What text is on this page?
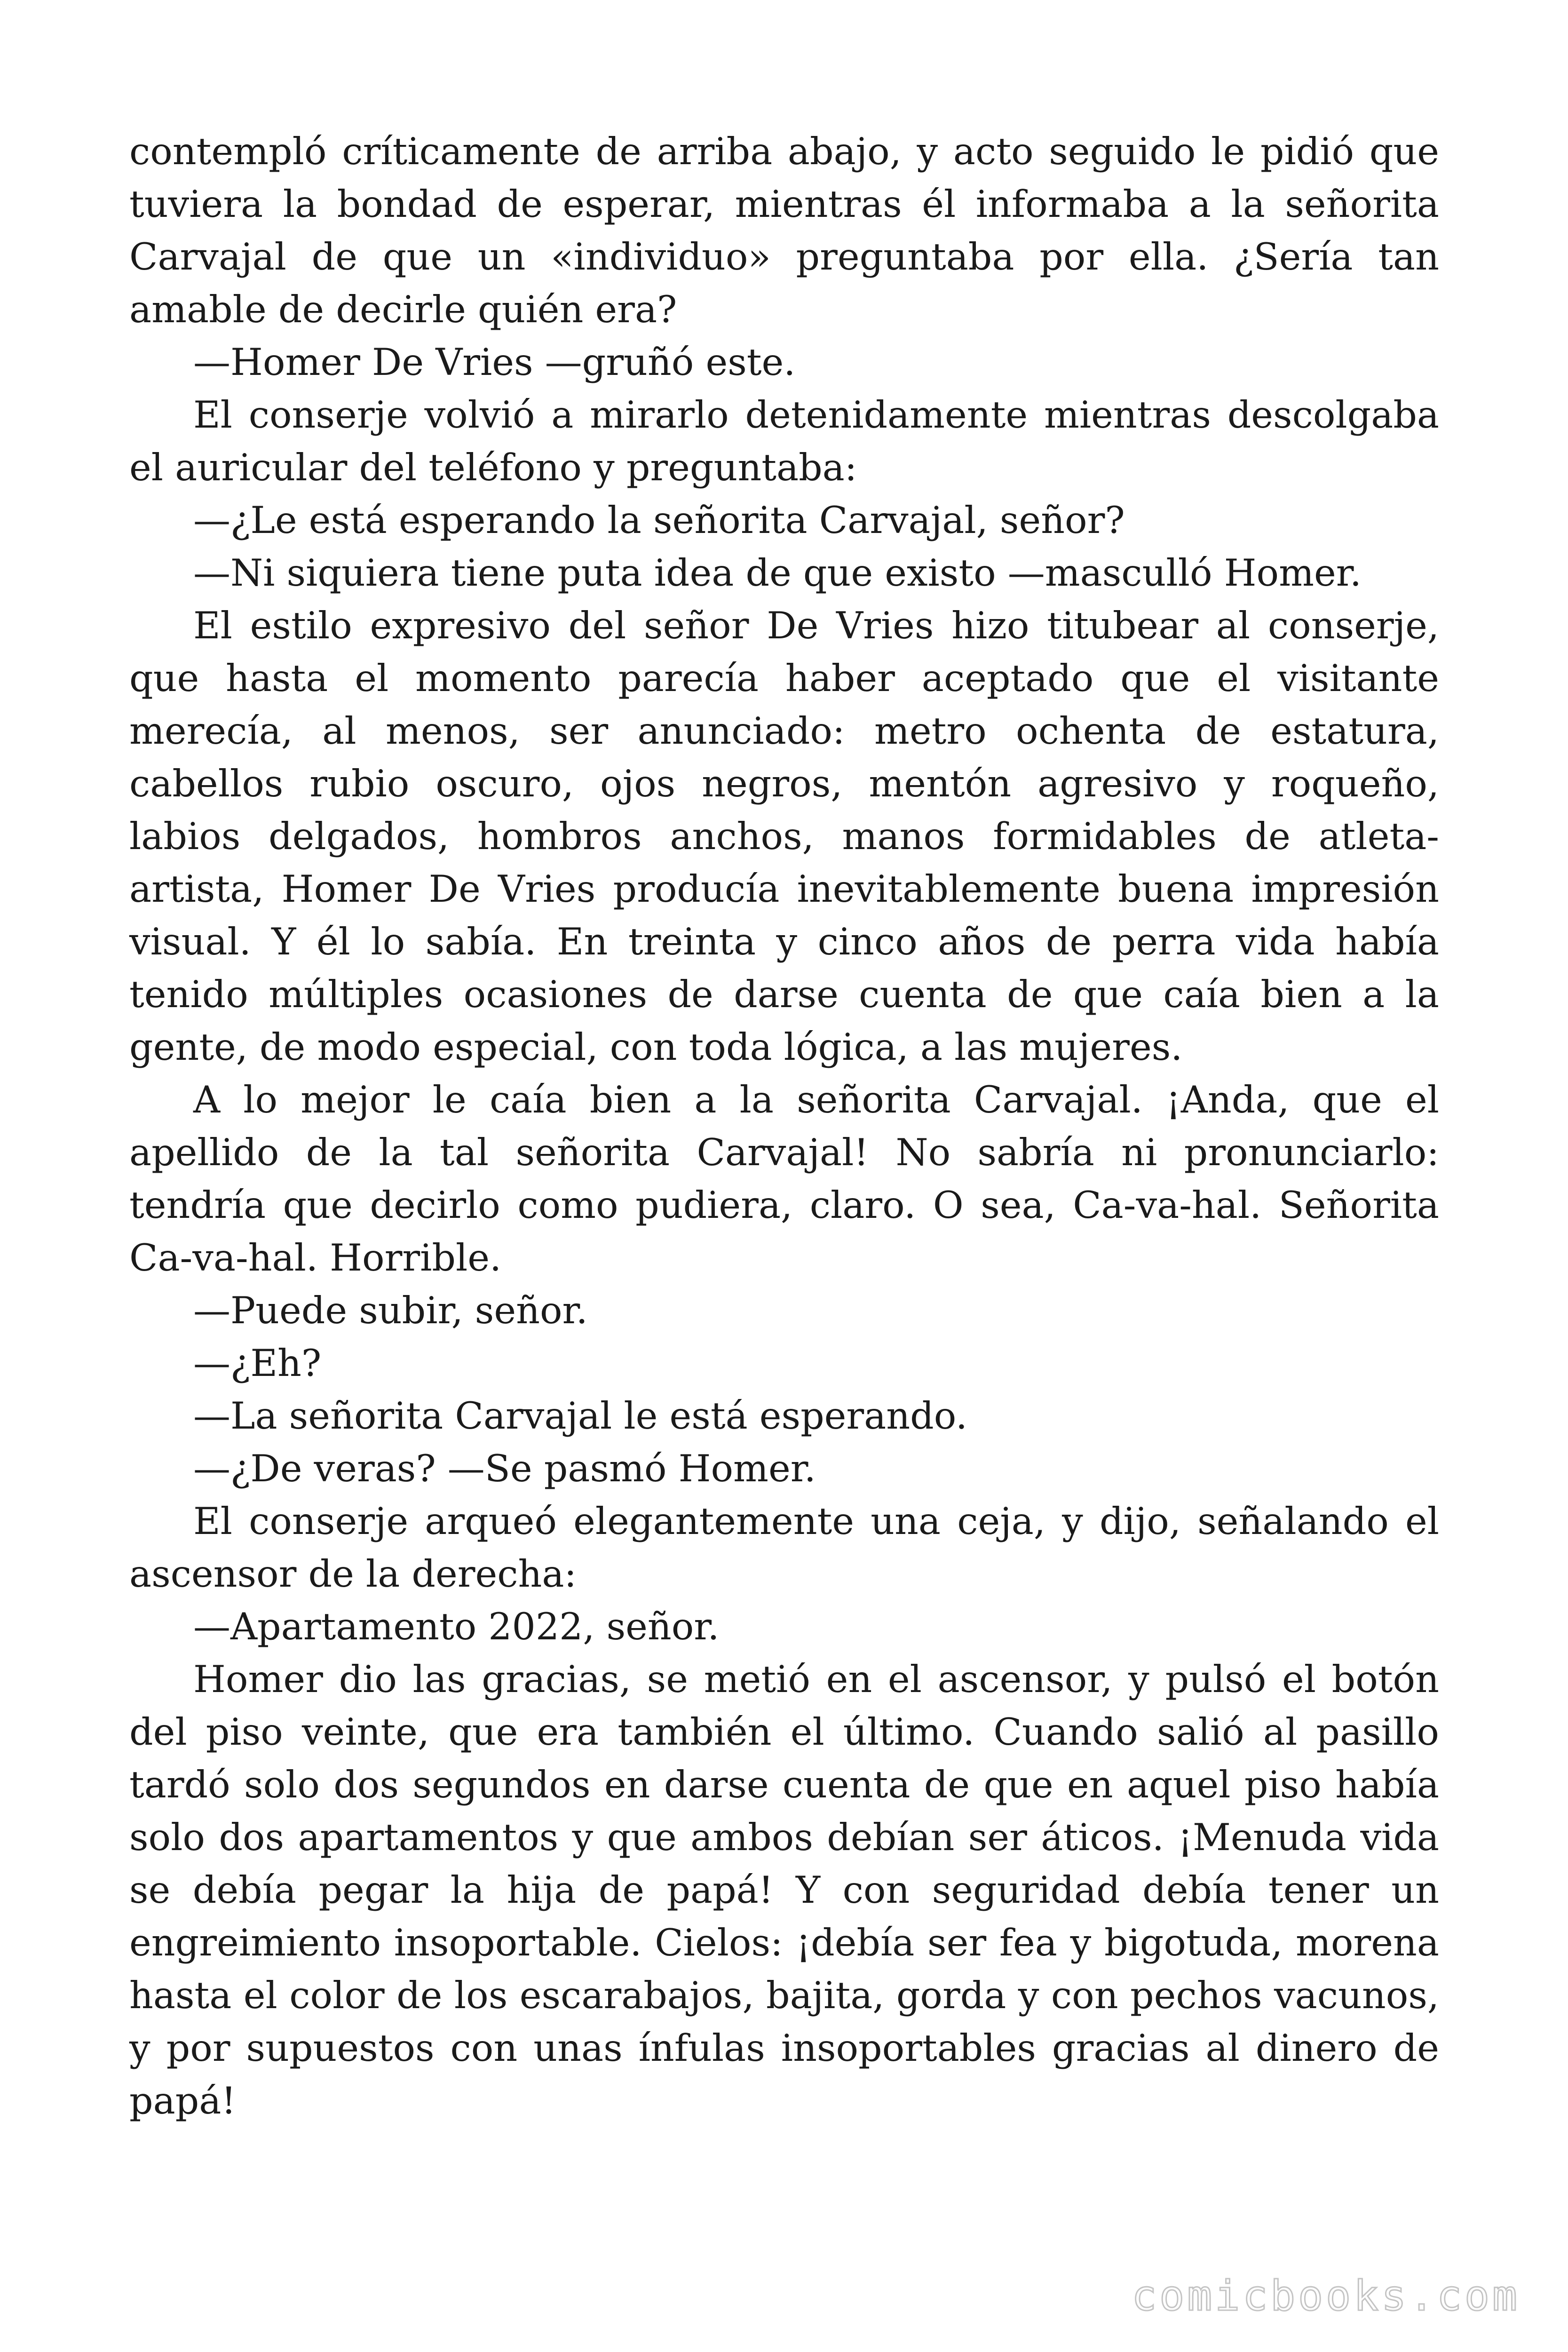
contempló críticamente de arriba abajo, y acto seguido le pidió que tuviera la bondad de esperar, mientras él informaba a la señorita Carvajal de que un «individuo» preguntaba por ella. ¿Sería tan amable de decirle quién era?

—Homer De Vries —gruñó este.

El conserje volvió a mirarlo detenidamente mientras descolgaba el auricular del teléfono y preguntaba:

—¿Le está esperando la señorita Carvajal, señor?

—Ni siquiera tiene puta idea de que existo —masculló Homer.

El estilo expresivo del señor De Vries hizo titubear al conserje, que hasta el momento parecía haber aceptado que el visitante merecía, al menos, ser anunciado: metro ochenta de estatura, cabellos rubio oscuro, ojos negros, mentón agresivo y roqueño, labios delgados, hombros anchos, manos formidables de atleta-artista, Homer De Vries producía inevitablemente buena impresión visual. Y él lo sabía. En treinta y cinco años de perra vida había tenido múltiples ocasiones de darse cuenta de que caía bien a la gente, de modo especial, con toda lógica, a las mujeres.

A lo mejor le caía bien a la señorita Carvajal. ¡Anda, que el apellido de la tal señorita Carvajal! No sabría ni pronunciarlo: tendría que decirlo como pudiera, claro. O sea, Ca-va-hal. Señorita Ca-va-hal. Horrible.

—Puede subir, señor.

—¿Eh?

—La señorita Carvajal le está esperando.

—¿De veras? —Se pasmó Homer.

El conserje arqueó elegantemente una ceja, y dijo, señalando el ascensor de la derecha:

—Apartamento 2022, señor.

Homer dio las gracias, se metió en el ascensor, y pulsó el botón del piso veinte, que era también el último. Cuando salió al pasillo tardó solo dos segundos en darse cuenta de que en aquel piso había solo dos apartamentos y que ambos debían ser áticos. ¡Menuda vida se debía pegar la hija de papá! Y con seguridad debía tener un engreimiento insoportable. Cielos: ¡debía ser fea y bigotuda, morena hasta el color de los escarabajos, bajita, gorda y con pechos vacunos, y por supuestos con unas ínfulas insoportables gracias al dinero de papá!

comicbooks.com
